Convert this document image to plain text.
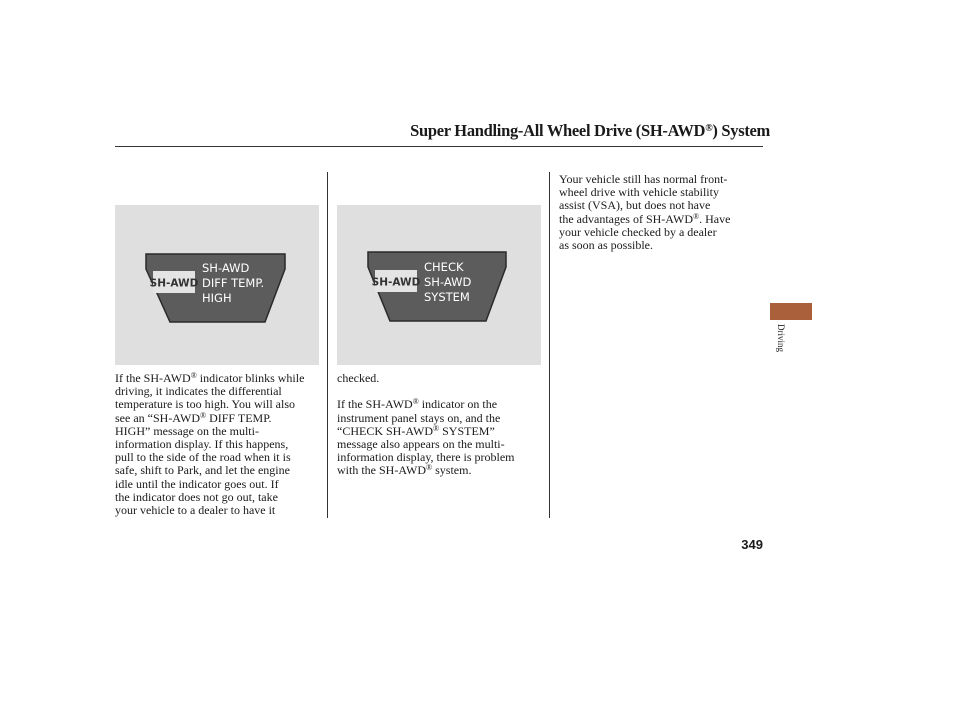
Super Handling-All Wheel Drive (SH-AWD®) System
SH-AWD
SH-AWD
DIFF TEMP.
HIGH
SH-AWD
CHECK
SH-AWD
SYSTEM
If the SH-AWD® indicator blinks while
driving, it indicates the differential
temperature is too high. You will also
see an “SH-AWD® DIFF TEMP.
HIGH” message on the multi-
information display. If this happens,
pull to the side of the road when it is
safe, shift to Park, and let the engine
idle until the indicator goes out. If
the indicator does not go out, take
your vehicle to a dealer to have it
checked.

If the SH-AWD® indicator on the
instrument panel stays on, and the
“CHECK SH-AWD® SYSTEM”
message also appears on the multi-
information display, there is problem
with the SH-AWD® system.
Your vehicle still has normal front-
wheel drive with vehicle stability
assist (VSA), but does not have
the advantages of SH-AWD®. Have
your vehicle checked by a dealer
as soon as possible.
Driving
349
